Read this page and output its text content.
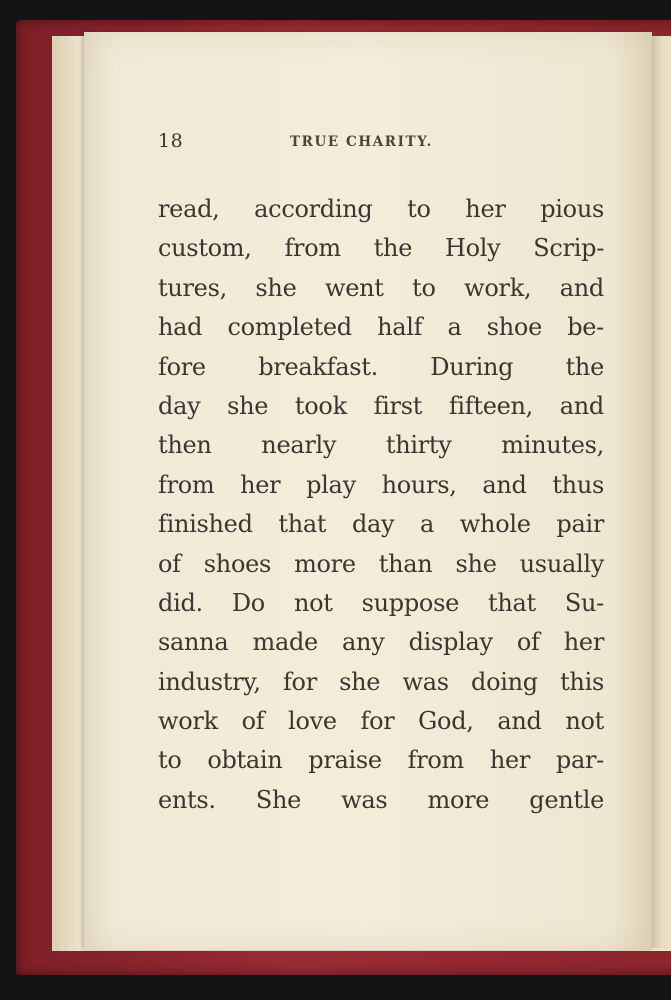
18	TRUE CHARITY.
read, according to her pious
custom, from the Holy Scrip-
tures, she went to work, and
had completed half a shoe be-
fore breakfast. During the
day she took first fifteen, and
then nearly thirty minutes,
from her play hours, and thus
finished that day a whole pair
of shoes more than she usually
did. Do not suppose that Su-
sanna made any display of her
industry, for she was doing this
work of love for God, and not
to obtain praise from her par-
ents. She was more gentle
